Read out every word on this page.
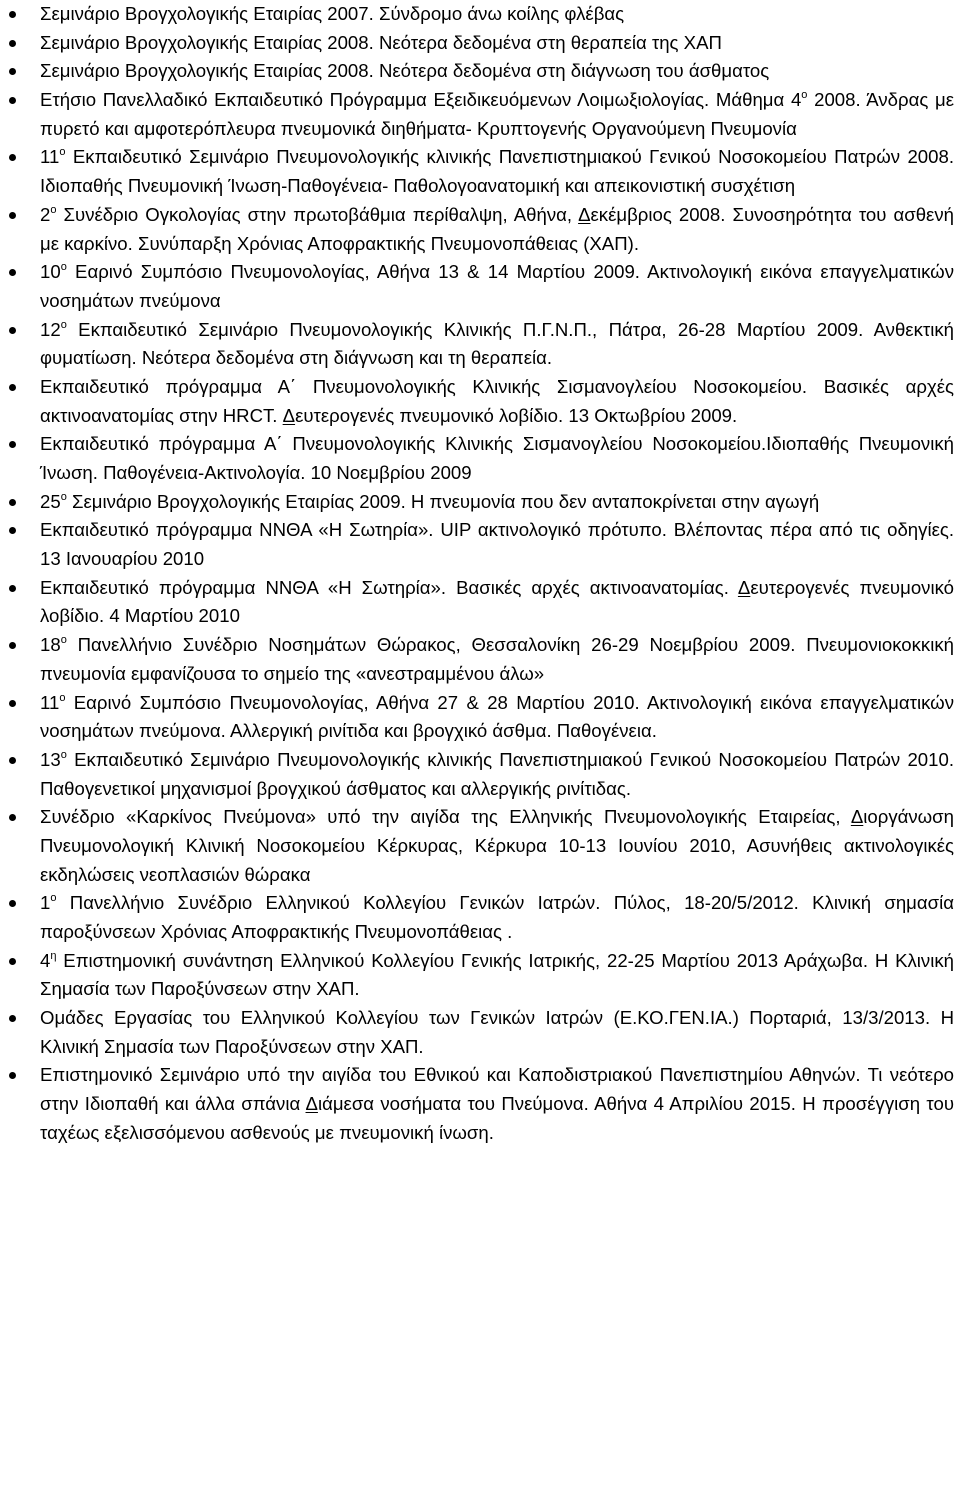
Σεμινάριο Βρογχολογικής Εταιρίας 2007. Σύνδρομο άνω κοίλης φλέβας
Σεμινάριο Βρογχολογικής Εταιρίας 2008. Νεότερα δεδομένα στη θεραπεία της ΧΑΠ
Σεμινάριο Βρογχολογικής Εταιρίας 2008. Νεότερα δεδομένα στη διάγνωση του άσθματος
Ετήσιο Πανελλαδικό Εκπαιδευτικό Πρόγραμμα Εξειδικευόμενων Λοιμωξιολογίας. Μάθημα $4^o$ 2008. Άνδρας με πυρετό και αμφοτερόπλευρα πνευμονικά διηθήματα- Κρυπτογενής Οργανούμενη Πνευμονία
$11^o$ Εκπαιδευτικό Σεμινάριο Πνευμονολογικής κλινικής Πανεπιστημιακού Γενικού Νοσοκομείου Πατρών 2008. Ιδιοπαθής Πνευμονική Ίνωση-Παθογένεια- Παθολογοανατομική και απεικονιστική συσχέτιση
$2^o$ Συνέδριο Ογκολογίας στην πρωτοβάθμια περίθαλψη, Αθήνα, Δεκέμβριος 2008. Συνοσηρότητα του ασθενή με καρκίνο. Συνύπαρξη Χρόνιας Αποφρακτικής Πνευμονοπάθειας (ΧΑΠ).
$10^o$ Εαρινό Συμπόσιο Πνευμονολογίας, Αθήνα 13 & 14 Μαρτίου 2009. Ακτινολογική εικόνα επαγγελματικών νοσημάτων πνεύμονα
$12^o$ Εκπαιδευτικό Σεμινάριο Πνευμονολογικής Κλινικής Π.Γ.Ν.Π., Πάτρα, 26-28 Μαρτίου 2009. Ανθεκτική φυματίωση. Νεότερα δεδομένα στη διάγνωση και τη θεραπεία.
Εκπαιδευτικό πρόγραμμα Α΄ Πνευμονολογικής Κλινικής Σισμανογλείου Νοσοκομείου. Βασικές αρχές ακτινοανατομίας στην HRCT. Δευτερογενές πνευμονικό λοβίδιο. 13 Οκτωβρίου 2009.
Εκπαιδευτικό πρόγραμμα Α΄ Πνευμονολογικής Κλινικής Σισμανογλείου Νοσοκομείου.Ιδιοπαθής Πνευμονική Ίνωση. Παθογένεια-Ακτινολογία. 10 Νοεμβρίου 2009
$25^o$ Σεμινάριο Βρογχολογικής Εταιρίας 2009. Η πνευμονία που δεν ανταποκρίνεται στην αγωγή
Εκπαιδευτικό πρόγραμμα ΝΝΘΑ «Η Σωτηρία». UIP ακτινολογικό πρότυπο. Βλέποντας πέρα από τις οδηγίες. 13 Ιανουαρίου 2010
Εκπαιδευτικό πρόγραμμα ΝΝΘΑ «Η Σωτηρία». Βασικές αρχές ακτινοανατομίας. Δευτερογενές πνευμονικό λοβίδιο. 4 Μαρτίου 2010
$18^o$ Πανελλήνιο Συνέδριο Νοσημάτων Θώρακος, Θεσσαλονίκη 26-29 Νοεμβρίου 2009. Πνευμονιοκοκκική πνευμονία εμφανίζουσα το σημείο της «ανεστραμμένου άλω»
$11^o$ Εαρινό Συμπόσιο Πνευμονολογίας, Αθήνα 27 & 28 Μαρτίου 2010. Ακτινολογική εικόνα επαγγελματικών νοσημάτων πνεύμονα. Αλλεργική ρινίτιδα και βρογχικό άσθμα. Παθογένεια.
$13^o$ Εκπαιδευτικό Σεμινάριο Πνευμονολογικής κλινικής Πανεπιστημιακού Γενικού Νοσοκομείου Πατρών 2010. Παθογενετικοί μηχανισμοί βρογχικού άσθματος και αλλεργικής ρινίτιδας.
Συνέδριο «Καρκίνος Πνεύμονα» υπό την αιγίδα της Ελληνικής Πνευμονολογικής Εταιρείας, Διοργάνωση Πνευμονολογική Κλινική Νοσοκομείου Κέρκυρας, Κέρκυρα 10-13 Ιουνίου 2010, Ασυνήθεις ακτινολογικές εκδηλώσεις νεοπλασιών θώρακα
$1^o$ Πανελλήνιο Συνέδριο Ελληνικού Κολλεγίου Γενικών Ιατρών. Πύλος, 18-20/5/2012. Κλινική σημασία παροξύνσεων Χρόνιας Αποφρακτικής Πνευμονοπάθειας .
$4^\eta$ Επιστημονική συνάντηση Ελληνικού Κολλεγίου Γενικής Ιατρικής, 22-25 Μαρτίου 2013 Αράχωβα. Η Κλινική Σημασία των Παροξύνσεων στην ΧΑΠ.
Ομάδες Εργασίας του Ελληνικού Κολλεγίου των Γενικών Ιατρών (Ε.ΚΟ.ΓΕΝ.ΙΑ.) Πορταριά, 13/3/2013. Η Κλινική Σημασία των Παροξύνσεων στην ΧΑΠ.
Επιστημονικό Σεμινάριο υπό την αιγίδα του Εθνικού και Καποδιστριακού Πανεπιστημίου Αθηνών. Τι νεότερο στην Ιδιοπαθή και άλλα σπάνια Διάμεσα νοσήματα του Πνεύμονα. Αθήνα 4 Απριλίου 2015. Η προσέγγιση του ταχέως εξελισσόμενου ασθενούς με πνευμονική ίνωση.
